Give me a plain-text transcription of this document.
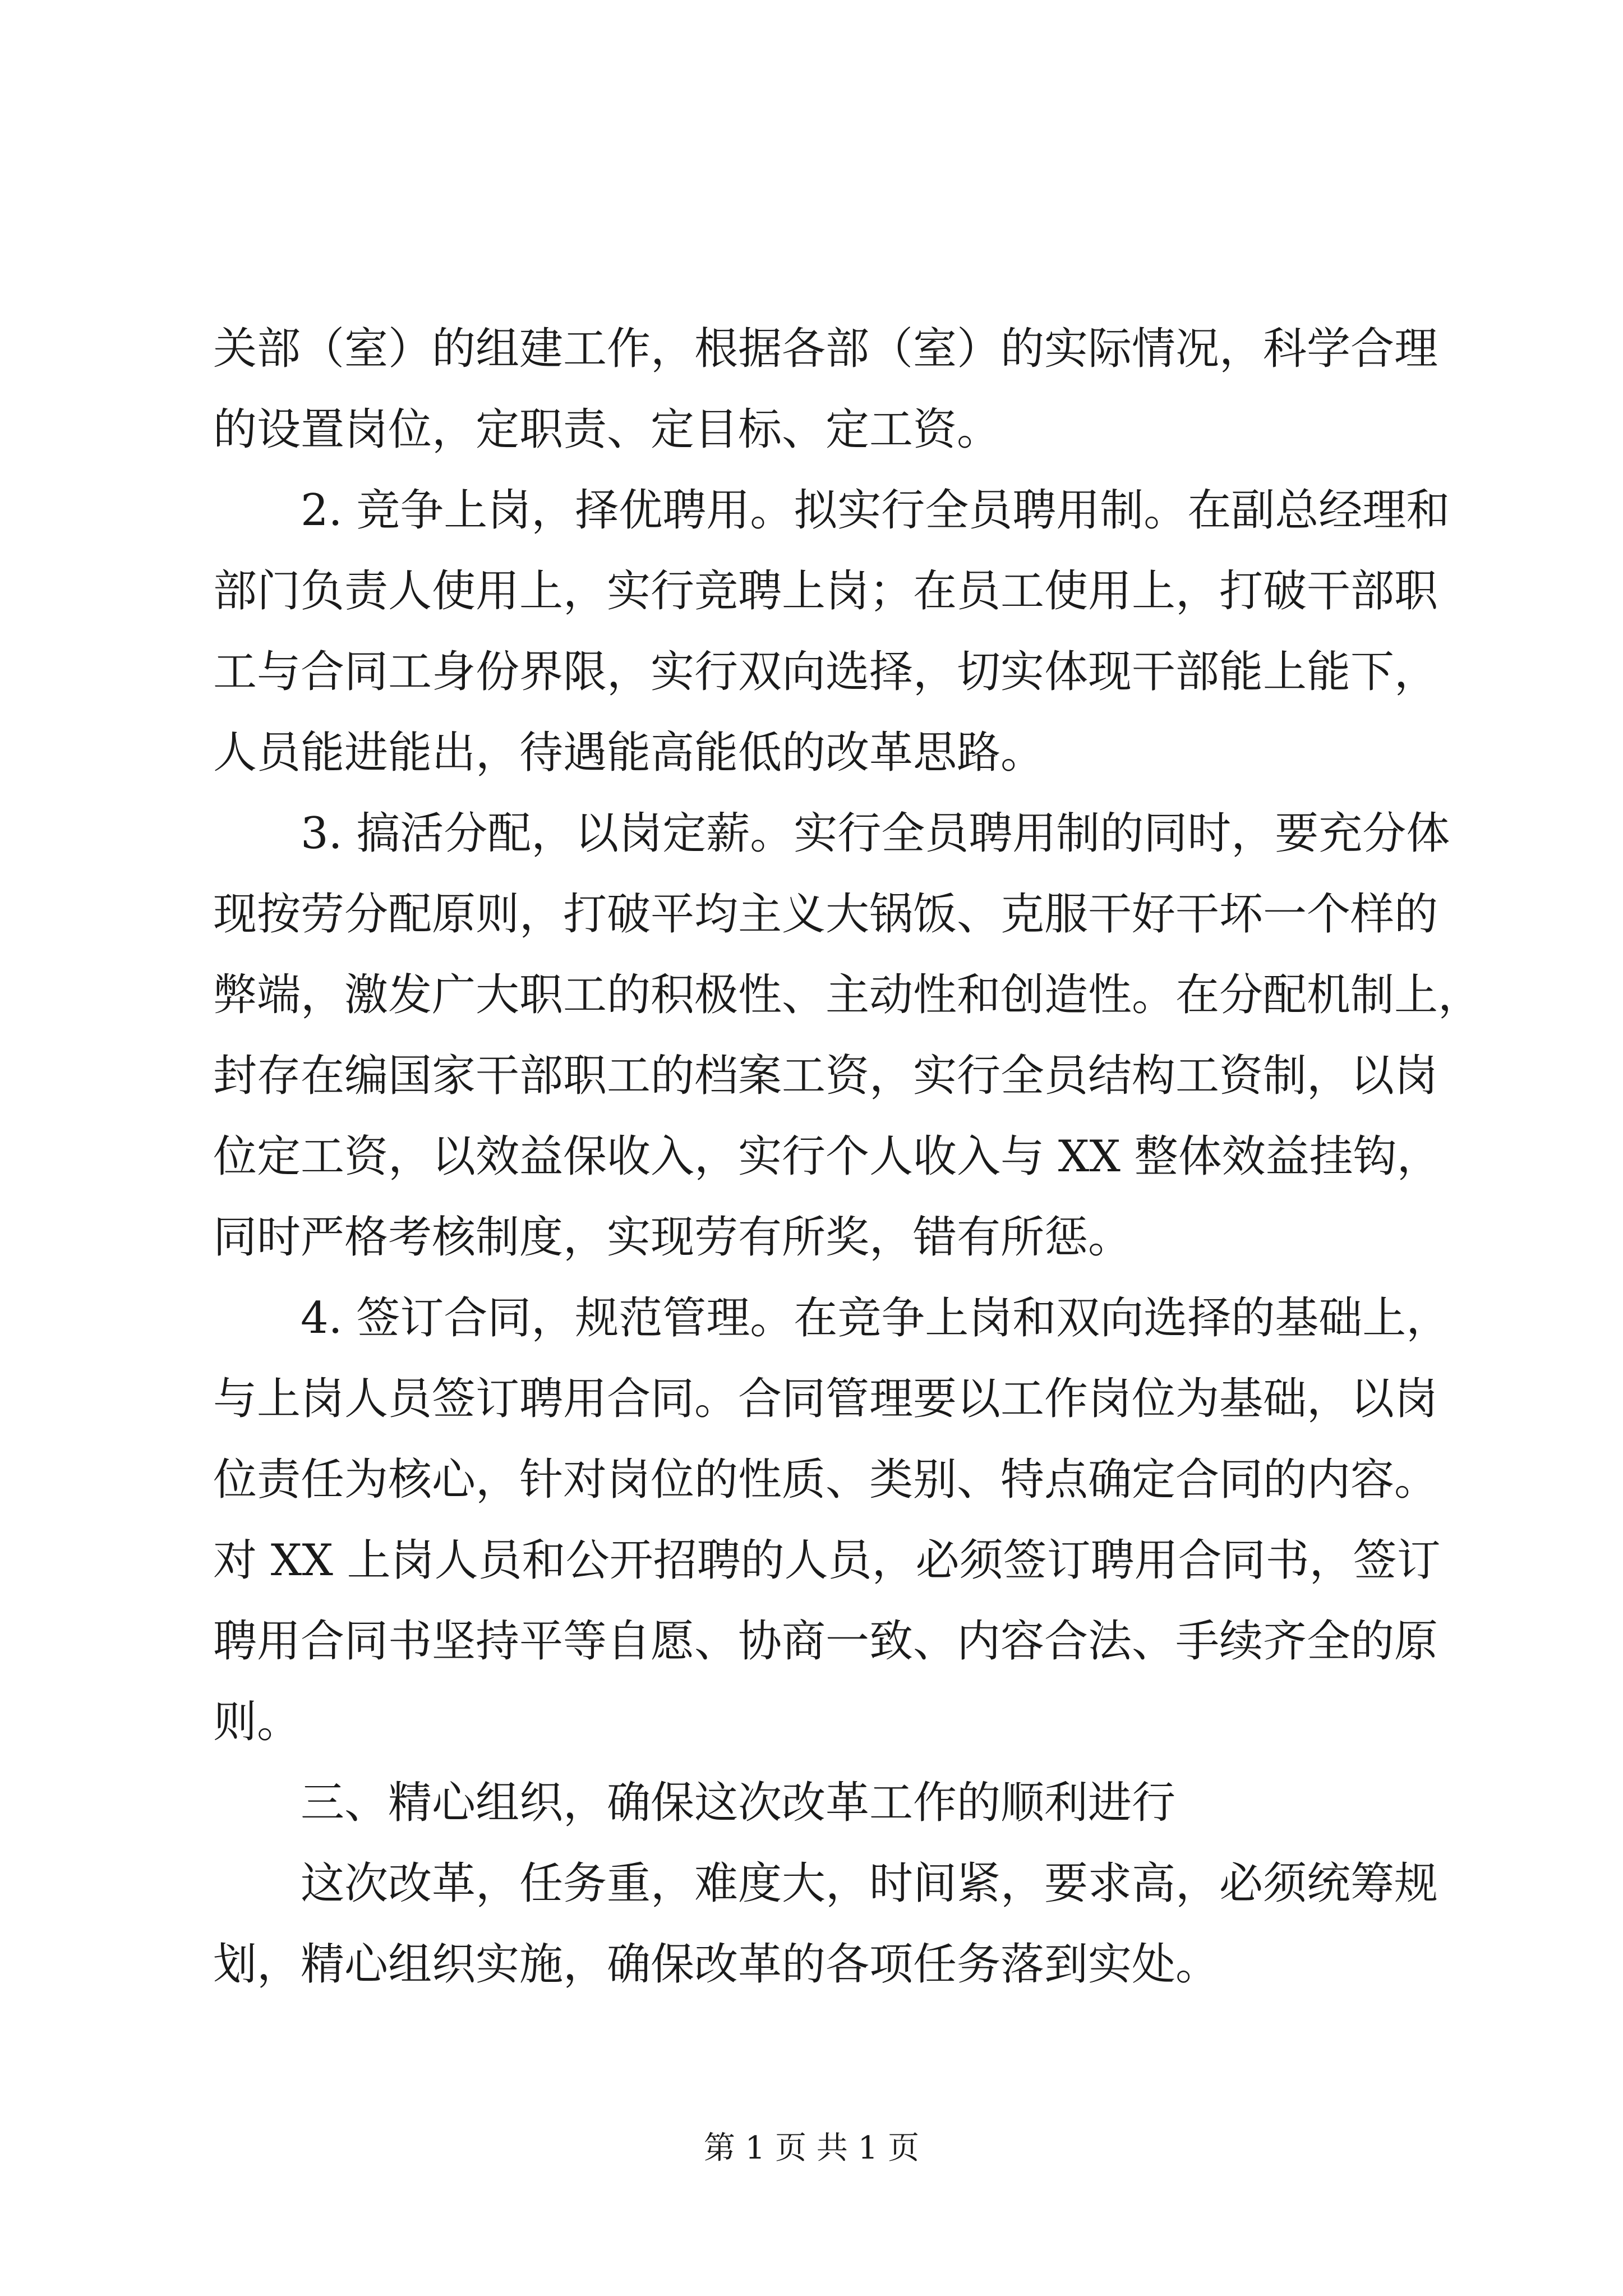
关部（室）的组建工作，根据各部（室）的实际情况，科学合理
的设置岗位，定职责、定目标、定工资。
2. 竞争上岗，择优聘用。拟实行全员聘用制。在副总经理和
部门负责人使用上，实行竞聘上岗；在员工使用上，打破干部职
工与合同工身份界限，实行双向选择，切实体现干部能上能下，
人员能进能出，待遇能高能低的改革思路。
3. 搞活分配，以岗定薪。实行全员聘用制的同时，要充分体
现按劳分配原则，打破平均主义大锅饭、克服干好干坏一个样的
弊端，激发广大职工的积极性、主动性和创造性。在分配机制上，
封存在编国家干部职工的档案工资，实行全员结构工资制，以岗
位定工资，以效益保收入，实行个人收入与 XX 整体效益挂钩，
同时严格考核制度，实现劳有所奖，错有所惩。
4. 签订合同，规范管理。在竞争上岗和双向选择的基础上，
与上岗人员签订聘用合同。合同管理要以工作岗位为基础，以岗
位责任为核心，针对岗位的性质、类别、特点确定合同的内容。
对 XX 上岗人员和公开招聘的人员，必须签订聘用合同书，签订
聘用合同书坚持平等自愿、协商一致、内容合法、手续齐全的原
则。
三、精心组织，确保这次改革工作的顺利进行
这次改革，任务重，难度大，时间紧，要求高，必须统筹规
划，精心组织实施，确保改革的各项任务落到实处。
第 1 页 共 1 页
